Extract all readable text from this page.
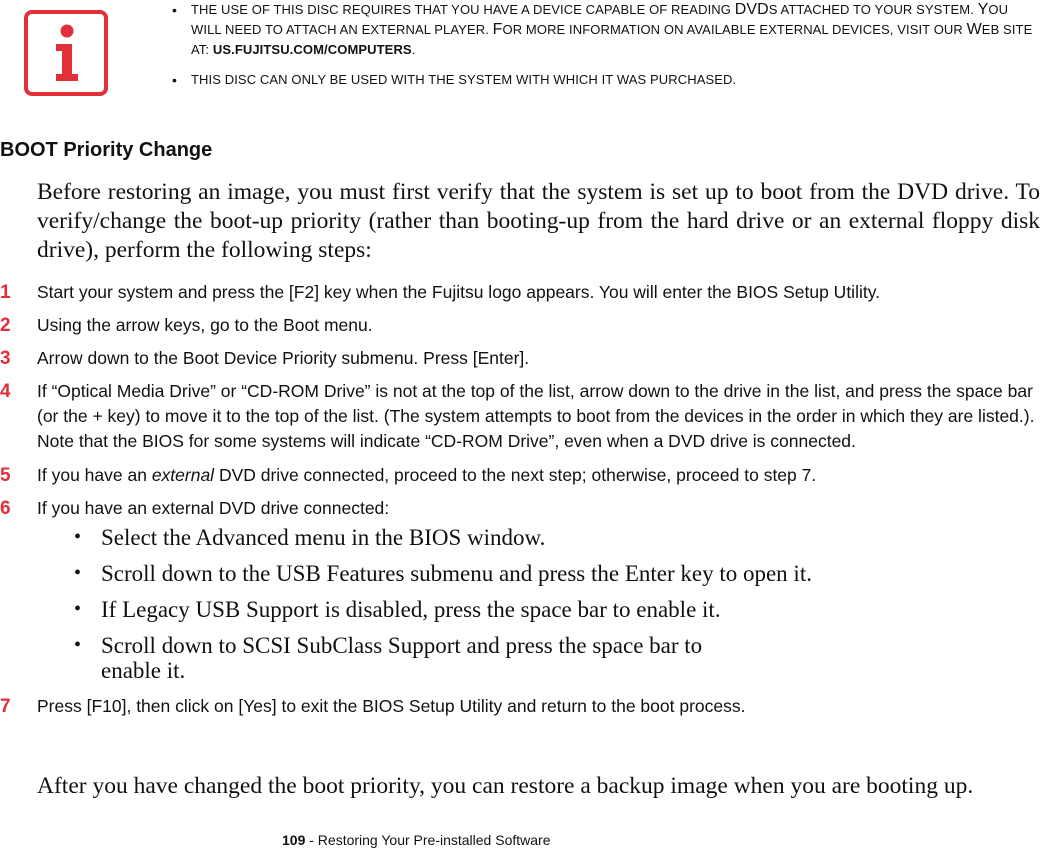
• THE USE OF THIS DISC REQUIRES THAT YOU HAVE A DEVICE CAPABLE OF READING DVDS ATTACHED TO YOUR SYSTEM. YOU WILL NEED TO ATTACH AN EXTERNAL PLAYER. FOR MORE INFORMATION ON AVAILABLE EXTERNAL DEVICES, VISIT OUR WEB SITE AT: US.FUJITSU.COM/COMPUTERS.
• THIS DISC CAN ONLY BE USED WITH THE SYSTEM WITH WHICH IT WAS PURCHASED.
BOOT Priority Change

Before restoring an image, you must first verify that the system is set up to boot from the DVD drive. To verify/change the boot-up priority (rather than booting-up from the hard drive or an external floppy disk drive), perform the following steps:

1	Start your system and press the [F2] key when the Fujitsu logo appears. You will enter the BIOS Setup Utility.
2	Using the arrow keys, go to the Boot menu.
3	Arrow down to the Boot Device Priority submenu. Press [Enter].
4	If “Optical Media Drive” or “CD-ROM Drive” is not at the top of the list, arrow down to the drive in the list, and press the space bar (or the + key) to move it to the top of the list. (The system attempts to boot from the devices in the order in which they are listed.). Note that the BIOS for some systems will indicate “CD-ROM Drive”, even when a DVD drive is connected.
5	If you have an external DVD drive connected, proceed to the next step; otherwise, proceed to step 7.
6	If you have an external DVD drive connected:
• Select the Advanced menu in the BIOS window.
• Scroll down to the USB Features submenu and press the Enter key to open it.
• If Legacy USB Support is disabled, press the space bar to enable it.
• Scroll down to SCSI SubClass Support and press the space bar to enable it.
7	Press [F10], then click on [Yes] to exit the BIOS Setup Utility and return to the boot process.

After you have changed the boot priority, you can restore a backup image when you are booting up.

109 - Restoring Your Pre-installed Software
